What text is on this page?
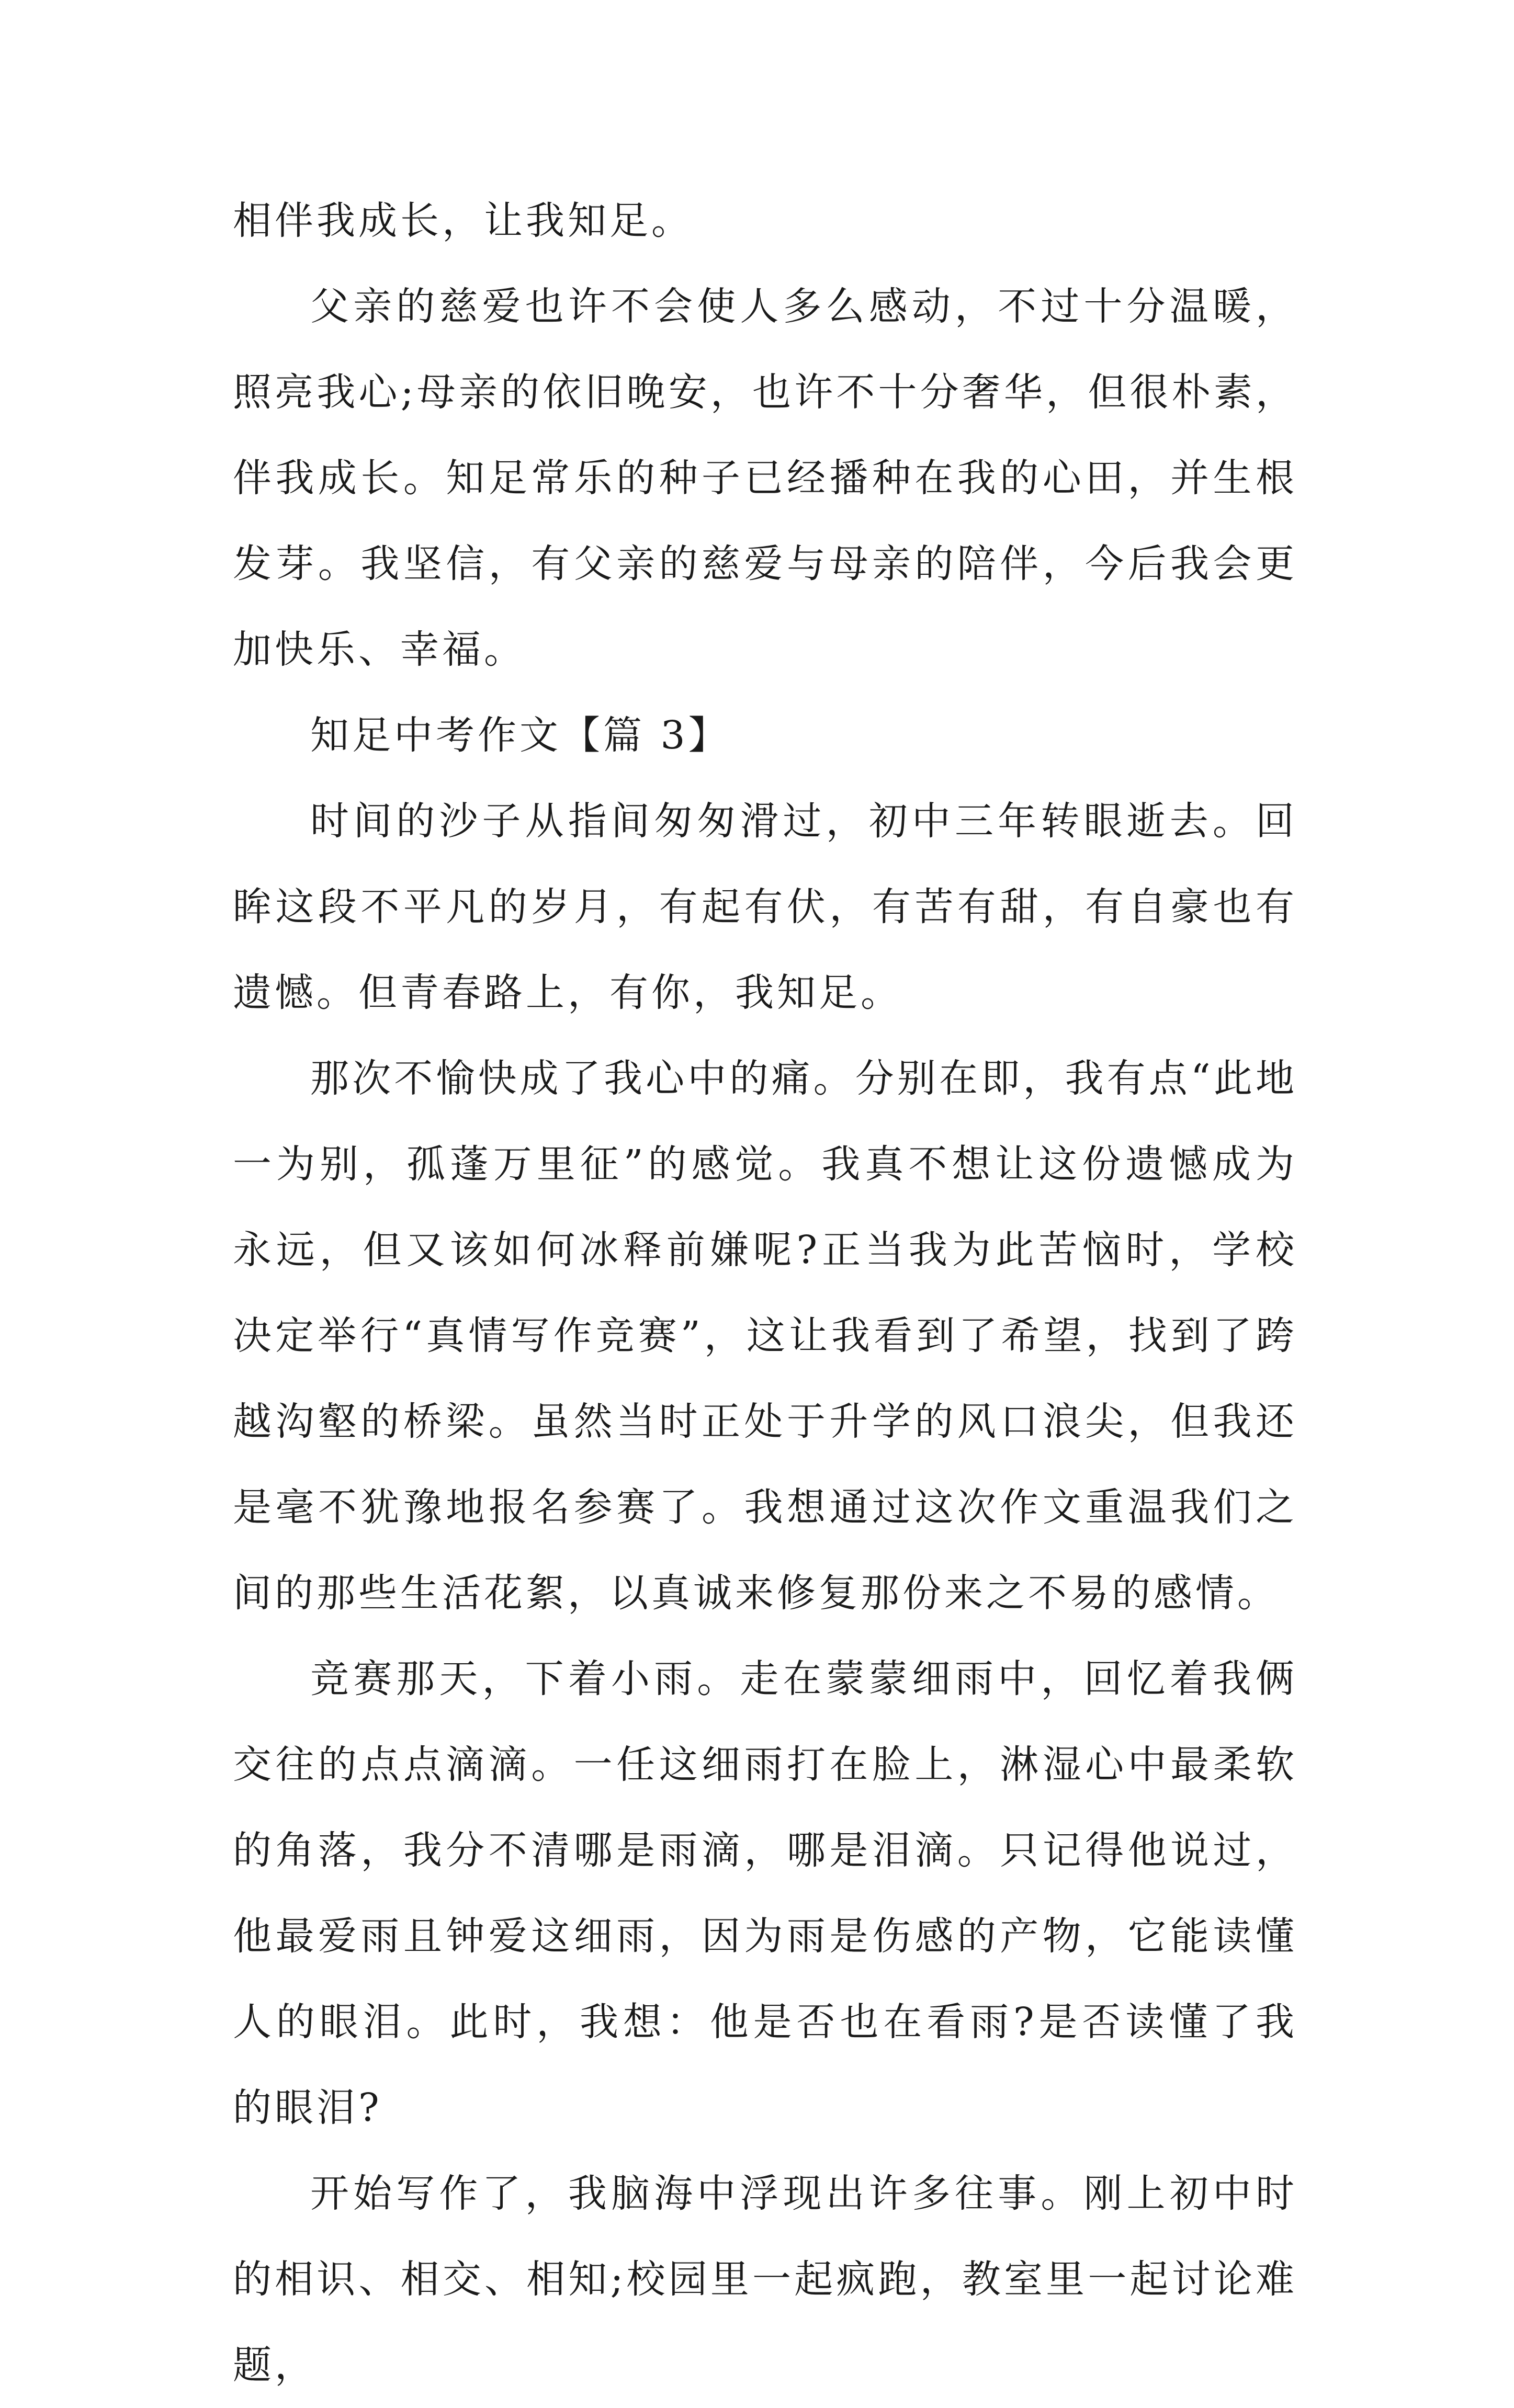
相伴我成长，让我知足。

父亲的慈爱也许不会使人多么感动，不过十分温暖，照亮我心;母亲的依旧晚安，也许不十分奢华，但很朴素，伴我成长。知足常乐的种子已经播种在我的心田，并生根发芽。我坚信，有父亲的慈爱与母亲的陪伴，今后我会更加快乐、幸福。

知足中考作文【篇 3】

时间的沙子从指间匆匆滑过，初中三年转眼逝去。回眸这段不平凡的岁月，有起有伏，有苦有甜，有自豪也有遗憾。但青春路上，有你，我知足。

那次不愉快成了我心中的痛。分别在即，我有点“此地一为别，孤蓬万里征”的感觉。我真不想让这份遗憾成为永远，但又该如何冰释前嫌呢?正当我为此苦恼时，学校决定举行“真情写作竞赛”，这让我看到了希望，找到了跨越沟壑的桥梁。虽然当时正处于升学的风口浪尖，但我还是毫不犹豫地报名参赛了。我想通过这次作文重温我们之间的那些生活花絮，以真诚来修复那份来之不易的感情。

竞赛那天，下着小雨。走在蒙蒙细雨中，回忆着我俩交往的点点滴滴。一任这细雨打在脸上，淋湿心中最柔软的角落，我分不清哪是雨滴，哪是泪滴。只记得他说过，他最爱雨且钟爱这细雨，因为雨是伤感的产物，它能读懂人的眼泪。此时，我想：他是否也在看雨?是否读懂了我的眼泪?

开始写作了，我脑海中浮现出许多往事。刚上初中时的相识、相交、相知;校园里一起疯跑，教室里一起讨论难题，
